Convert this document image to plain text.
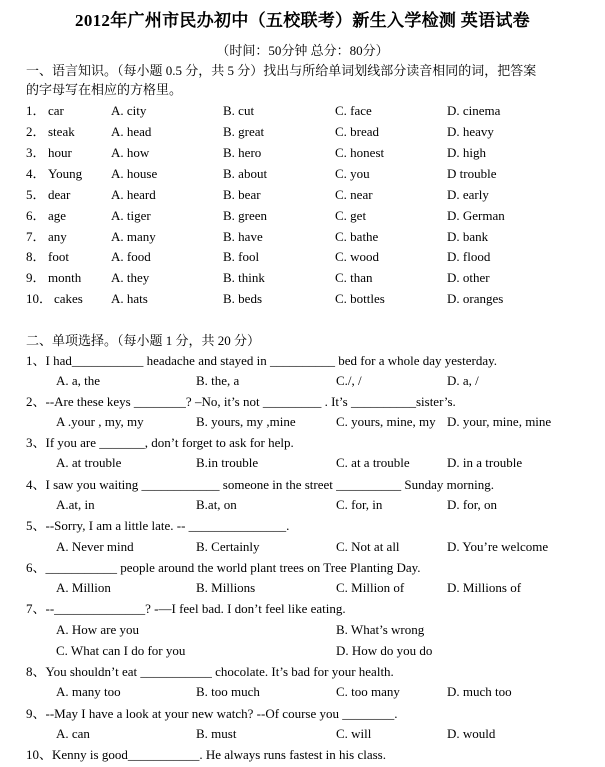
2012年广州市民办初中（五校联考）新生入学检测 英语试卷
（时间：50分钟 总分：80分）
一、语言知识。（每小题 0.5 分，共 5 分）找出与所给单词划线部分读音相同的词，把答案
的字母写在相应的方格里。
1． car	A. city	B. cut	C. face	D. cinema
2． steak	A. head	B. great	C. bread	D. heavy
3． hour	A. how	B. hero	C. honest	D. high
4． Young A. house	B. about	C. you	D trouble
5． dear	A. heard	B. bear	C. near	D. early
6． age	A. tiger	B. green	C. get	D. German
7． any	A. many	B. have	C. bathe	D. bank
8． foot	A. food	B. fool	C. wood	D. flood
9． month A. they	B. think	C. than	D. other
10． cakes A. hats	B. beds	C. bottles	D. oranges
二、单项选择。（每小题 1 分，共 20 分）
1、I had___________ headache and stayed in __________ bed for a whole day yesterday.
A. a, the	B. the, a	C./, /	D. a, /
2、--Are these keys ________? –No, it’s not _________ . It’s __________sister’s.
A .your , my, my	B. yours, my ,mine	C. yours, mine, my D. your, mine, mine
3、If you are _______, don’t forget to ask for help.
A. at trouble	B.in trouble	C. at a trouble	D. in a trouble
4、I saw you waiting ____________ someone in the street __________ Sunday morning.
A.at, in	B.at, on	C. for, in	D. for, on
5、--Sorry, I am a little late. -- _______________.
A. Never mind	B. Certainly	C. Not at all	D. You’re welcome
6、___________ people around the world plant trees on Tree Planting Day.
A. Million	B. Millions	C. Million of	D. Millions of
7、--______________? -—I feel bad. I don’t feel like eating.
A. How are you	B. What’s wrong
C. What can I do for you	D. How do you do
8、You shouldn’t eat ___________ chocolate. It’s bad for your health.
A. many too	B. too much	C. too many	D. much too
9、--May I have a look at your new watch? --Of course you ________.
A. can	B. must	C. will	D. would
10、Kenny is good___________. He always runs fastest in his class.
